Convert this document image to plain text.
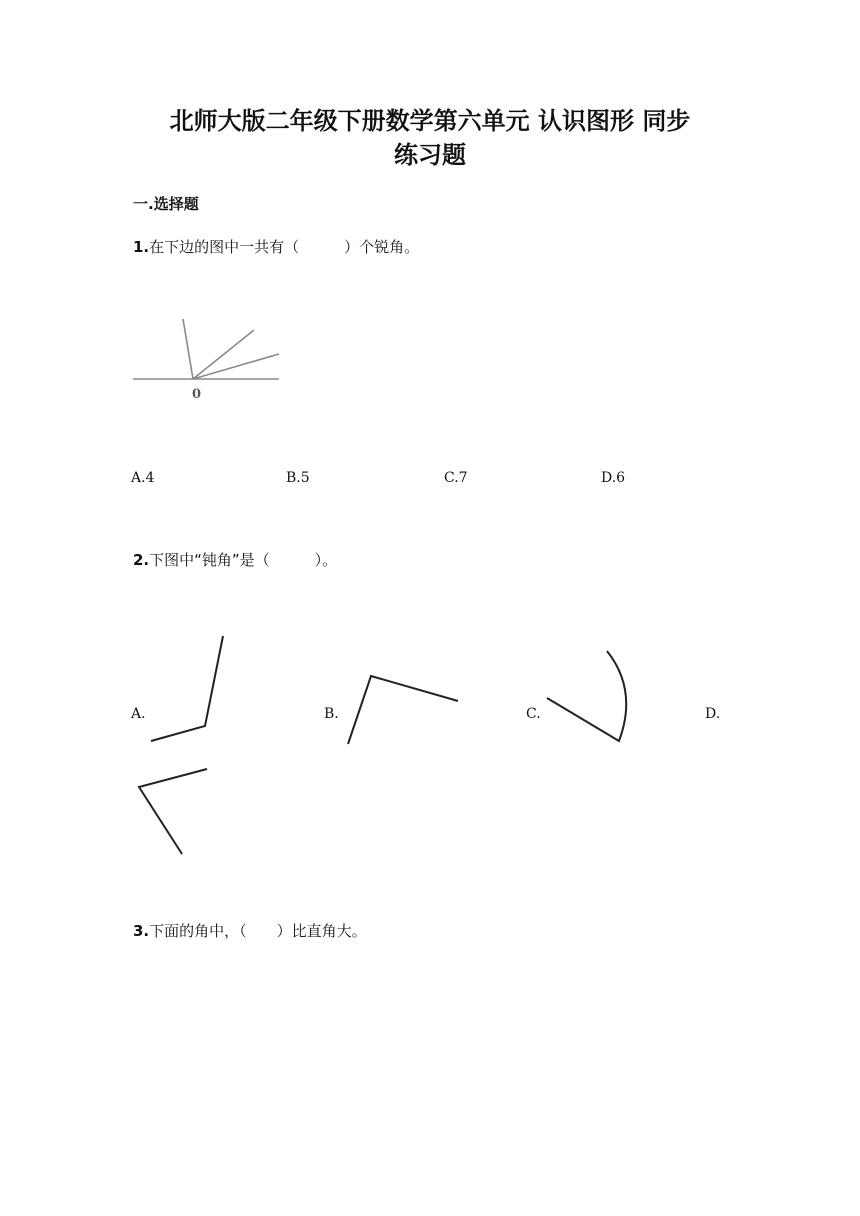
北师大版二年级下册数学第六单元 认识图形 同步
练习题
一.选择题
1.在下边的图中一共有（　　　）个锐角。
0
A.4	B.5	C.7	D.6
2.下图中“钝角”是（　　　）。
A.	B.	C.	D.
3.下面的角中，（　　）比直角大。
